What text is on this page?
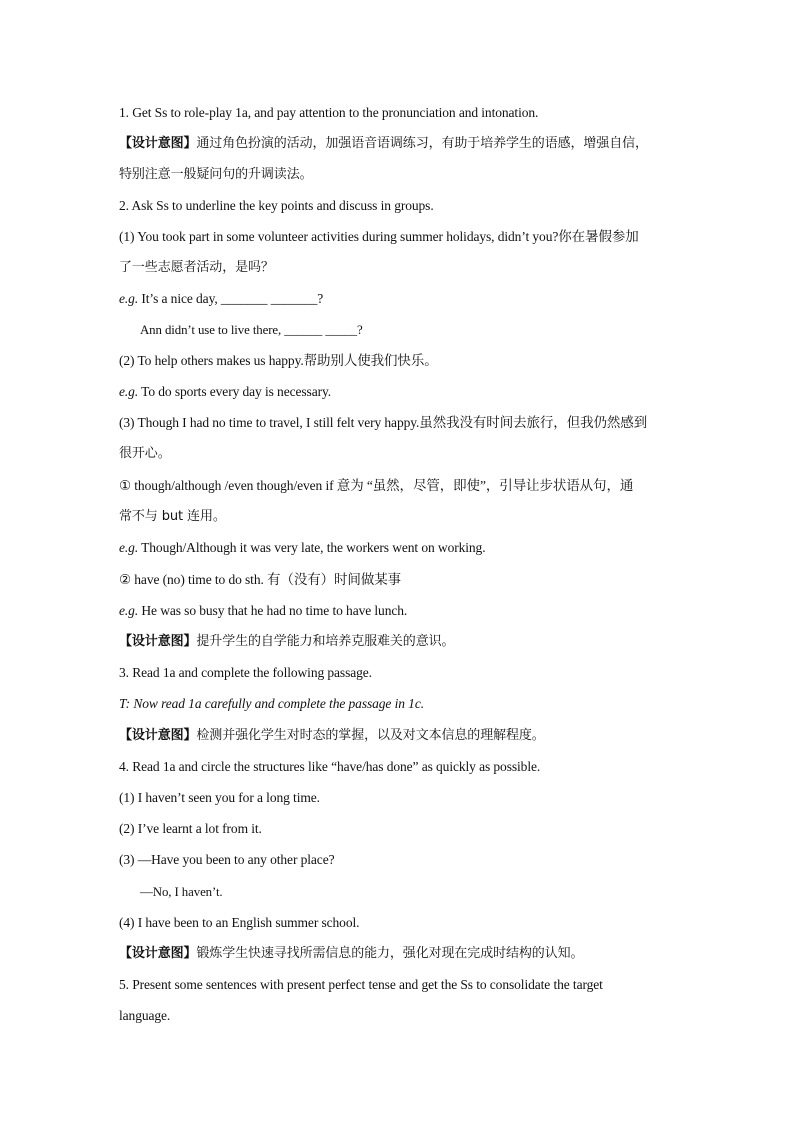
1. Get Ss to role-play 1a, and pay attention to the pronunciation and intonation.
【设计意图】通过角色扮演的活动，加强语音语调练习，有助于培养学生的语感，增强自信，
特别注意一般疑问句的升调读法。
2. Ask Ss to underline the key points and discuss in groups.
(1) You took part in some volunteer activities during summer holidays, didn’t you?你在暑假参加
了一些志愿者活动，是吗？
e.g. It’s a nice day, _______ _______?
Ann didn’t use to live there, ______ _____?
(2) To help others makes us happy.帮助别人使我们快乐。
e.g. To do sports every day is necessary.
(3) Though I had no time to travel, I still felt very happy.虽然我没有时间去旅行，但我仍然感到
很开心。
① though/although /even though/even if 意为 “虽然，尽管，即使”，引导让步状语从句，通
常不与 but 连用。
e.g. Though/Although it was very late, the workers went on working.
② have (no) time to do sth. 有（没有）时间做某事
e.g. He was so busy that he had no time to have lunch.
【设计意图】提升学生的自学能力和培养克服难关的意识。
3. Read 1a and complete the following passage.
T: Now read 1a carefully and complete the passage in 1c.
【设计意图】检测并强化学生对时态的掌握，以及对文本信息的理解程度。
4. Read 1a and circle the structures like “have/has done” as quickly as possible.
(1) I haven’t seen you for a long time.
(2) I’ve learnt a lot from it.
(3) —Have you been to any other place?
—No, I haven’t.
(4) I have been to an English summer school.
【设计意图】锻炼学生快速寻找所需信息的能力，强化对现在完成时结构的认知。
5. Present some sentences with present perfect tense and get the Ss to consolidate the target
language.
